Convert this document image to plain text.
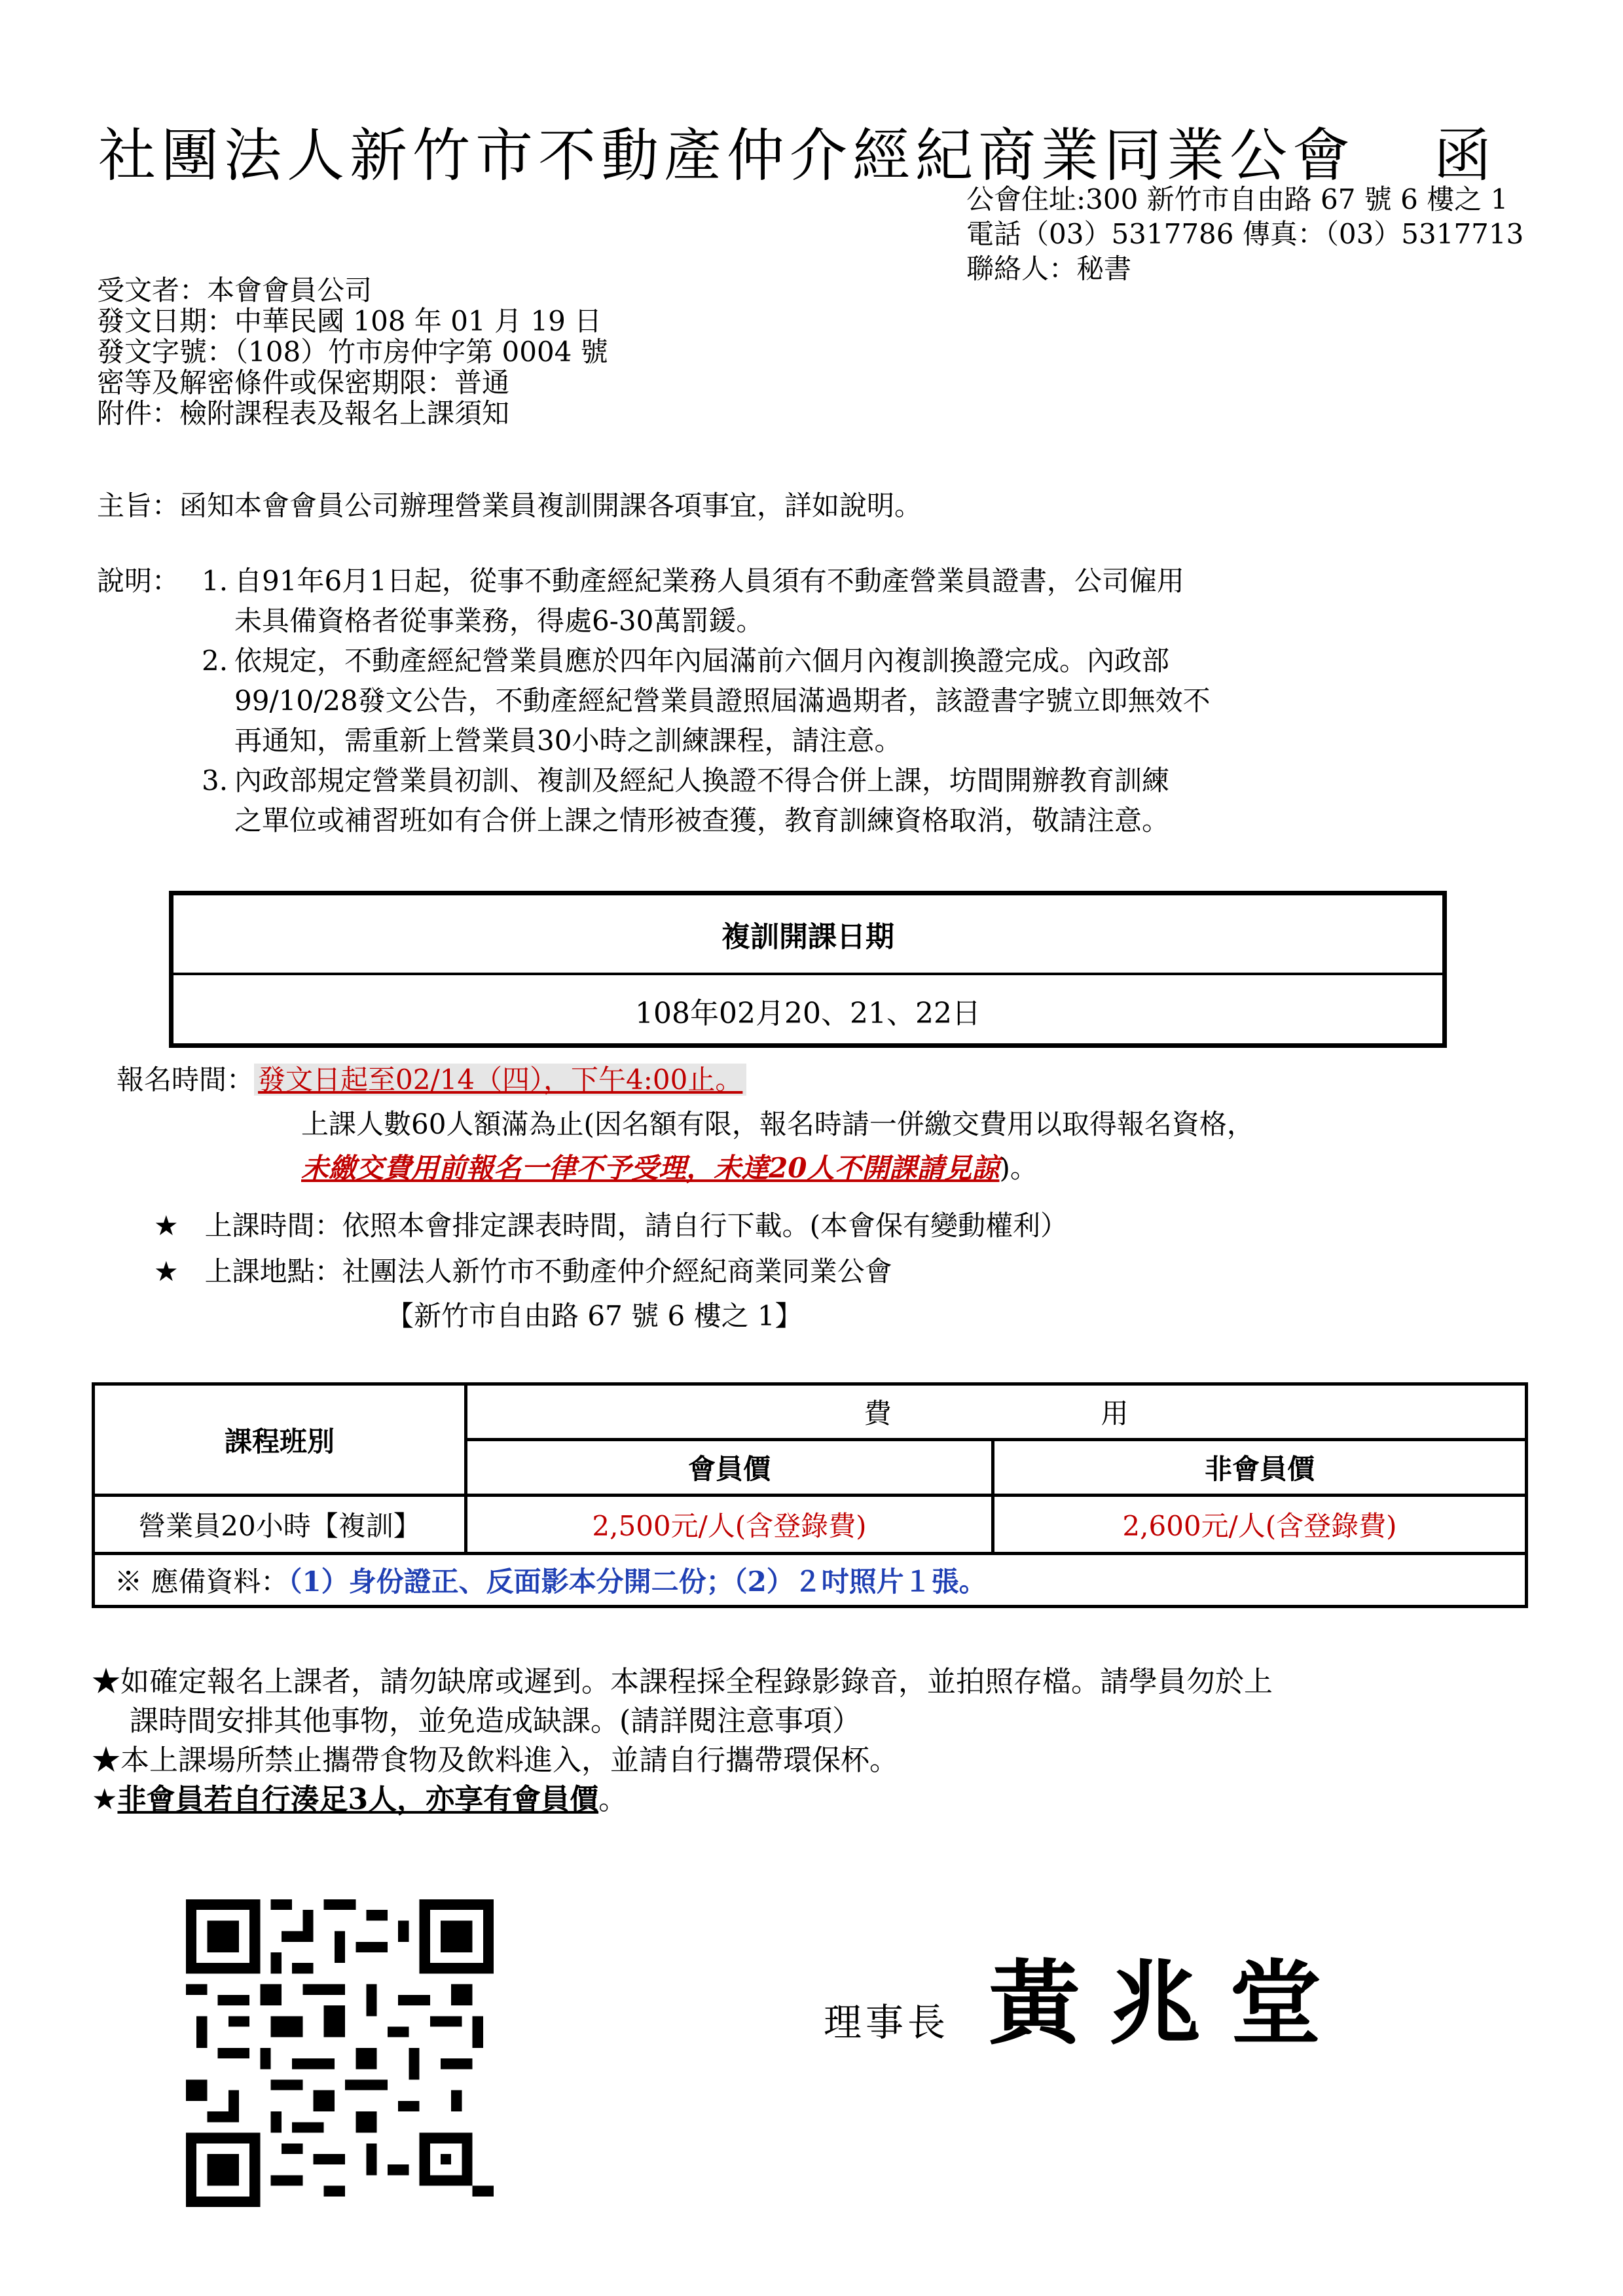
社團法人新竹市不動產仲介經紀商業同業公會 函
公會住址:300 新竹市自由路 67 號 6 樓之 1
電話（03）5317786 傳真：（03）5317713
聯絡人：秘書
受文者：本會會員公司
發文日期：中華民國 108 年 01 月 19 日
發文字號：（108）竹市房仲字第 0004 號
密等及解密條件或保密期限：普通
附件：檢附課程表及報名上課須知
主旨：函知本會會員公司辦理營業員複訓開課各項事宜，詳如說明。
說明： 1. 自91年6月1日起，從事不動產經紀業務人員須有不動產營業員證書，公司僱用
未具備資格者從事業務，得處6-30萬罰鍰。
2. 依規定，不動產經紀營業員應於四年內屆滿前六個月內複訓換證完成。內政部
99/10/28發文公告，不動產經紀營業員證照屆滿過期者，該證書字號立即無效不
再通知，需重新上營業員30小時之訓練課程，請注意。
3. 內政部規定營業員初訓、複訓及經紀人換證不得合併上課，坊間開辦教育訓練
之單位或補習班如有合併上課之情形被查獲，教育訓練資格取消，敬請注意。
複訓開課日期
108年02月20、21、22日
報名時間： 發文日起至02/14（四），下午4:00止。
上課人數60人額滿為止(因名額有限，報名時請一併繳交費用以取得報名資格，
未繳交費用前報名一律不予受理，未達20人不開課請見諒)。
★ 上課時間：依照本會排定課表時間，請自行下載。(本會保有變動權利）
★ 上課地點：社團法人新竹市不動產仲介經紀商業同業公會
【新竹市自由路 67 號 6 樓之 1】
課程班別	費 用	
	會員價	非會員價
營業員20小時【複訓】	2,500元/人(含登錄費)	2,600元/人(含登錄費)
※ 應備資料：（1）身份證正、反面影本分開二份；（2）２吋照片１張。		
★如確定報名上課者，請勿缺席或遲到。本課程採全程錄影錄音，並拍照存檔。請學員勿於上
課時間安排其他事物，並免造成缺課。(請詳閱注意事項）
★本上課場所禁止攜帶食物及飲料進入，並請自行攜帶環保杯。
★非會員若自行湊足3人，亦享有會員價。
理事長 黃兆堂
